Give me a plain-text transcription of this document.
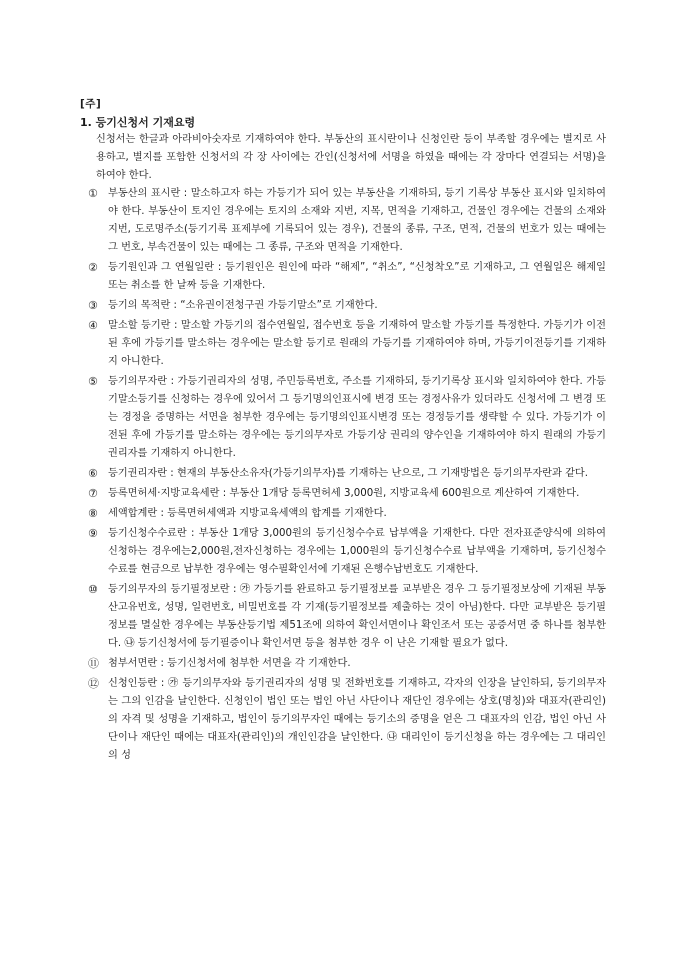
[주]
1. 등기신청서 기재요령
신청서는 한글과 아라비아숫자로 기재하여야 한다. 부동산의 표시란이나 신청인란 등이 부족할 경우에는 별지로 사용하고, 별지를 포함한 신청서의 각 장 사이에는 간인(신청서에 서명을 하였을 때에는 각 장마다 연결되는 서명)을 하여야 한다.
① 부동산의 표시란 : 말소하고자 하는 가등기가 되어 있는 부동산을 기재하되, 등기 기록상 부동산 표시와 일치하여야 한다. 부동산이 토지인 경우에는 토지의 소재와 지번, 지목, 면적을 기재하고, 건물인 경우에는 건물의 소재와 지번, 도로명주소(등기기록 표제부에 기록되어 있는 경우), 건물의 종류, 구조, 면적, 건물의 번호가 있는 때에는 그 번호, 부속건물이 있는 때에는 그 종류, 구조와 면적을 기재한다.
② 등기원인과 그 연월일란 : 등기원인은 원인에 따라 “해제”, “취소”, “신청착오”로 기재하고, 그 연월일은 해제일 또는 취소를 한 날짜 등을 기재한다.
③ 등기의 목적란 : “소유권이전청구권 가등기말소”로 기재한다.
④ 말소할 등기란 : 말소할 가등기의 접수연월일, 접수번호 등을 기재하여 말소할 가등기를 특정한다. 가등기가 이전된 후에 가등기를 말소하는 경우에는 말소할 등기로 원래의 가등기를 기재하여야 하며, 가등기이전등기를 기재하지 아니한다.
⑤ 등기의무자란 : 가등기권리자의 성명, 주민등록번호, 주소를 기재하되, 등기기록상 표시와 일치하여야 한다. 가등기말소등기를 신청하는 경우에 있어서 그 등기명의인표시에 변경 또는 경정사유가 있더라도 신청서에 그 변경 또는 경정을 증명하는 서면을 첨부한 경우에는 등기명의인표시변경 또는 경정등기를 생략할 수 있다. 가등기가 이전된 후에 가등기를 말소하는 경우에는 등기의무자로 가등기상 권리의 양수인을 기재하여야 하지 원래의 가등기권리자를 기재하지 아니한다.
⑥ 등기권리자란 : 현재의 부동산소유자(가등기의무자)를 기재하는 난으로, 그 기재방법은 등기의무자란과 같다.
⑦ 등록면허세·지방교육세란 : 부동산 1개당 등록면허세 3,000원, 지방교육세 600원으로 계산하여 기재한다.
⑧ 세액합계란 : 등록면허세액과 지방교육세액의 합계를 기재한다.
⑨ 등기신청수수료란 : 부동산 1개당 3,000원의 등기신청수수료 납부액을 기재한다. 다만 전자표준양식에 의하여 신청하는 경우에는2,000원,전자신청하는 경우에는 1,000원의 등기신청수수료 납부액을 기재하며, 등기신청수수료를 현금으로 납부한 경우에는 영수필확인서에 기재된 은행수납번호도 기재한다.
⑩ 등기의무자의 등기필정보란 : ㉮ 가등기를 완료하고 등기필정보를 교부받은 경우 그 등기필정보상에 기재된 부동산고유번호, 성명, 일련번호, 비밀번호를 각 기재(등기필정보를 제출하는 것이 아님)한다. 다만 교부받은 등기필정보를 멸실한 경우에는 부동산등기법 제51조에 의하여 확인서면이나 확인조서 또는 공증서면 중 하나를 첨부한다. ㉯ 등기신청서에 등기필증이나 확인서면 등을 첨부한 경우 이 난은 기재할 필요가 없다.
⑪ 첨부서면란 : 등기신청서에 첨부한 서면을 각 기재한다.
⑫ 신청인등란 : ㉮ 등기의무자와 등기권리자의 성명 및 전화번호를 기재하고, 각자의 인장을 날인하되, 등기의무자는 그의 인감을 날인한다. 신청인이 법인 또는 법인 아닌 사단이나 재단인 경우에는 상호(명칭)와 대표자(관리인)의 자격 및 성명을 기재하고, 법인이 등기의무자인 때에는 등기소의 증명을 얻은 그 대표자의 인감, 법인 아닌 사단이나 재단인 때에는 대표자(관리인)의 개인인감을 날인한다. ㉯ 대리인이 등기신청을 하는 경우에는 그 대리인의 성
